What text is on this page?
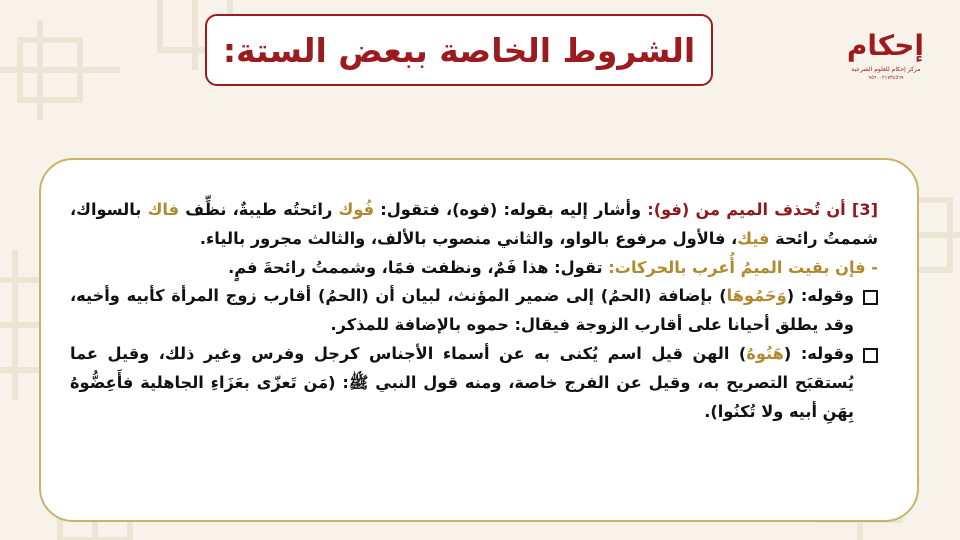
الشروط الخاصة ببعض الستة:	إحكام
مركز إحكام للعلوم الشرعية
٩٥٦٠٠٢١٧٣٤٥٦٩

[3] أن تُحذف الميم من (فو): وأشار إليه بقوله: (فوه)، فتقول: فُوك رائحتُه طيبةٌ، نظِّف فاك بالسواك، شممتُ رائحة فيك، فالأول مرفوع بالواو، والثاني منصوب بالألف، والثالث مجرور بالياء.

- فإن بقيت الميمُ أُعرب بالحركات: تقول: هذا فَمٌ، ونظفت فمًا، وشممتُ رائحةَ فمٍ.

وقوله: (وَحَمُوهَا) بإضافة (الحمُ) إلى ضمير المؤنث، لبيان أن (الحمُ) أقارب زوج المرأة كأبيه وأخيه، وقد يطلق أحيانا على أقارب الزوجة فيقال: حموه بالإضافة للمذكر.
وقوله: (هَنُوهُ) الهن قيل اسم يُكنى به عن أسماء الأجناس كرجل وفرس وغير ذلك، وقيل عما يُستقبَح التصريح به، وقيل عن الفرج خاصة، ومنه قول النبي ﷺ: (مَن تَعزّى بعَزَاءِ الجاهلية فأَعِضُّوهُ بِهَنِ أبيه ولا تُكنُوا).
